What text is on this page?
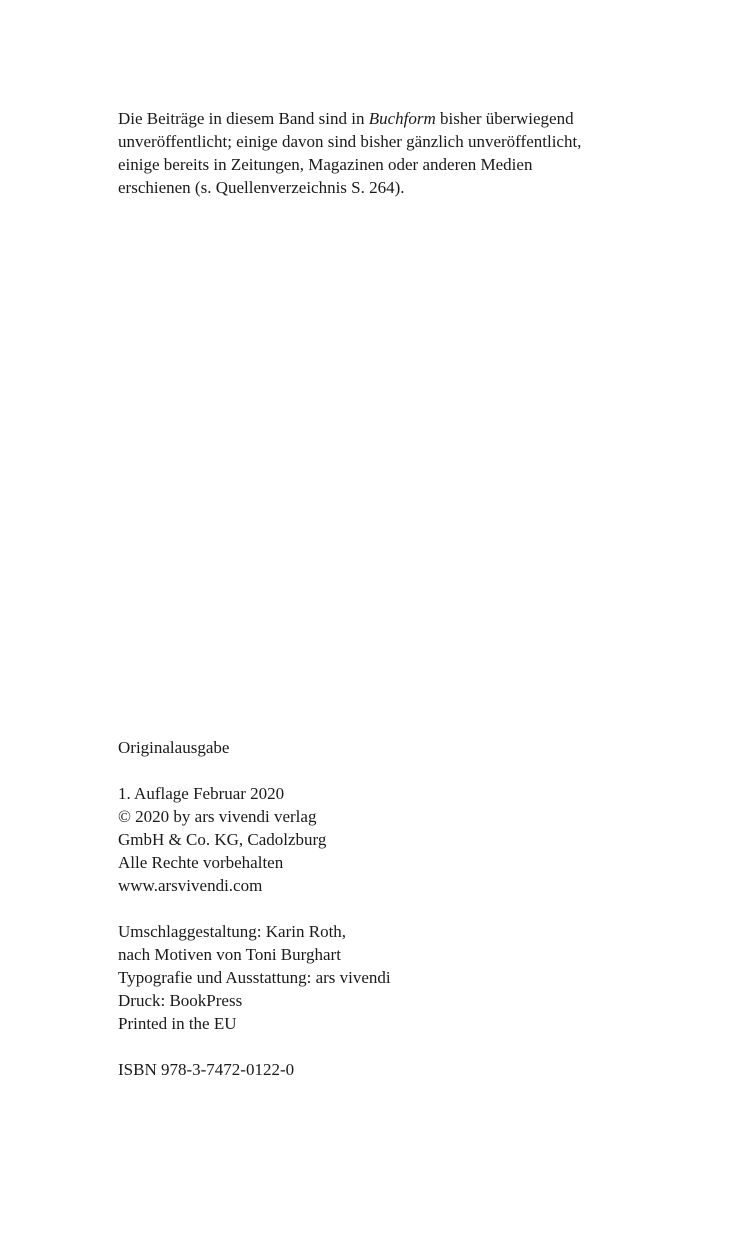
Die Beiträge in diesem Band sind in Buchform bisher überwiegend
unveröffentlicht; einige davon sind bisher gänzlich unveröffentlicht,
einige bereits in Zeitungen, Magazinen oder anderen Medien
erschienen (s. Quellenverzeichnis S. 264).
Originalausgabe
1. Auflage Februar 2020
© 2020 by ars vivendi verlag
GmbH & Co. KG, Cadolzburg
Alle Rechte vorbehalten
www.arsvivendi.com
Umschlaggestaltung: Karin Roth,
nach Motiven von Toni Burghart
Typografie und Ausstattung: ars vivendi
Druck: BookPress
Printed in the EU
ISBN 978-3-7472-0122-0
